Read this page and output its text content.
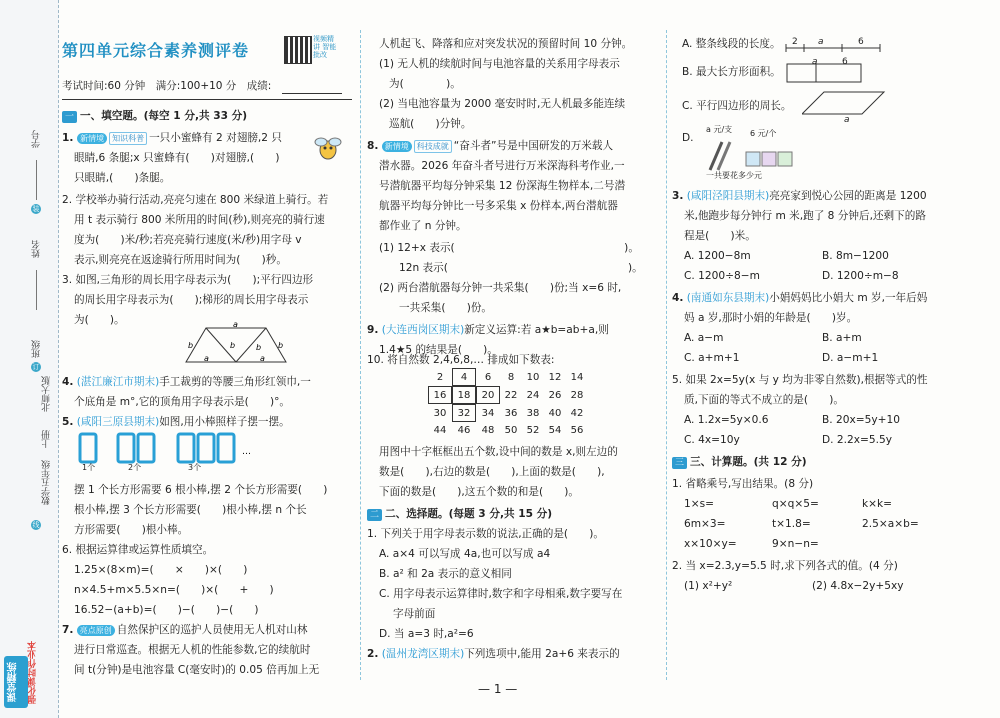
学号
装
姓名
班级
订
北师大版
上册
数学五年级
线
强化课时作业本
课堂精练
第四单元综合素养测评卷
视频精讲 智能批改
考试时间:60 分钟　满分:100+10 分　成绩:
一 一、填空题。(每空 1 分,共 33 分)
1. 新情境 知识科普 一只小蜜蜂有 2 对翅膀,2 只
眼睛,6 条腿;x 只蜜蜂有(　　)对翅膀,(　　)
只眼睛,(　　)条腿。
2. 学校举办骑行活动,亮亮匀速在 800 米绿道上骑行。若
用 t 表示骑行 800 米所用的时间(秒),则亮亮的骑行速
度为(　　)米/秒;若亮亮骑行速度(米/秒)用字母 v
表示,则亮亮在返途骑行所用时间为(　　)秒。
3. 如图,三角形的周长用字母表示为(　　);平行四边形
的周长用字母表示为(　　);梯形的周长用字母表示
为(　　)。	a
b	b	b
b
a	a
4. (湛江廉江市期末)手工裁剪的等腰三角形红领巾,一
个底角是 m°,它的顶角用字母表示是(　　)°。
5. (咸阳三原县期末)如图,用小棒照样子摆一摆。
…
1个	2个	3个
摆 1 个长方形需要 6 根小棒,摆 2 个长方形需要(　　)
根小棒,摆 3 个长方形需要(　　)根小棒,摆 n 个长
方形需要(　　)根小棒。
6. 根据运算律或运算性质填空。
1.25×(8×m)=(　　×　　)×(　　)
n×4.5+m×5.5×n=(　　)×(　　+　　)
16.52−(a+b)=(　　)−(　　)−(　　)
7. 亮点原创 自然保护区的巡护人员使用无人机对山林
进行日常巡查。根据无人机的性能参数,它的续航时
间 t(分钟)是电池容量 C(毫安时)的 0.05 倍再加上无
人机起飞、降落和应对突发状况的预留时间 10 分钟。
(1) 无人机的续航时间与电池容量的关系用字母表示
为(　　　　)。
(2) 当电池容量为 2000 毫安时时,无人机最多能连续
巡航(　　)分钟。
8. 新情境 科技成就 “奋斗者”号是中国研发的万米载人
潜水器。2026 年奋斗者号进行万米深海科考作业,一
号潜航器平均每分钟采集 12 份深海生物样本,二号潜
航器平均每分钟比一号多采集 x 份样本,两台潜航器
都作业了 n 分钟。
(1) 12+x 表示(　　　　　　　　　　　　　　　　)。
12n 表示(　　　　　　　　　　　　　　　　　)。
(2) 两台潜航器每分钟一共采集(　　)份;当 x=6 时,
一共采集(　　)份。
9. (大连西岗区期末)新定义运算:若 a★b=ab+a,则
1.4★5 的结果是(　　)。
10. 将自然数 2,4,6,8,… 排成如下数表:
2	4	6	8	10	12	14
16	18	20	22	24	26	28
30	32	34	36	38	40	42
44	46	48	50	52	54	56
用图中十字框框出五个数,设中间的数是 x,则左边的
数是(　　),右边的数是(　　),上面的数是(　　),
下面的数是(　　),这五个数的和是(　　)。
二 二、选择题。(每题 3 分,共 15 分)
1. 下列关于用字母表示数的说法,正确的是(　　)。
A. a×4 可以写成 4a,也可以写成 a4
B. a² 和 2a 表示的意义相同
C. 用字母表示运算律时,数字和字母相乘,数字要写在
字母前面
D. 当 a=3 时,a²=6
2. (温州龙湾区期末)下列选项中,能用 2a+6 来表示的
A. 整条线段的长度。 2 a	6
B. 最大长方形面积。
a	6
C. 平行四边形的周长。
a
D.
a 元/支 6 元/个
一共要花多少元
3. (咸阳泾阳县期末)亮亮家到悦心公园的距离是 1200
米,他跑步每分钟行 m 米,跑了 8 分钟后,还剩下的路
程是(　　)米。
A. 1200−8m	B. 8m−1200
C. 1200÷8−m	D. 1200÷m−8
4. (南通如东县期末)小娟妈妈比小娟大 m 岁,一年后妈
妈 a 岁,那时小娟的年龄是(　　)岁。
A. a−m	B. a+m
C. a+m+1	D. a−m+1
5. 如果 2x=5y(x 与 y 均为非零自然数),根据等式的性
质,下面的等式不成立的是(　　)。
A. 1.2x=5y×0.6	B. 20x=5y+10
C. 4x=10y	D. 2.2x=5.5y
三 三、计算题。(共 12 分)
1. 省略乘号,写出结果。(8 分)
1×s=	q×q×5=	k×k=
6m×3=	t×1.8=	2.5×a×b=
x×10×y=	9×n−n=
2. 当 x=2.3,y=5.5 时,求下列各式的值。(4 分)
(1) x²+y²	(2) 4.8x−2y+5xy
— 1 —
